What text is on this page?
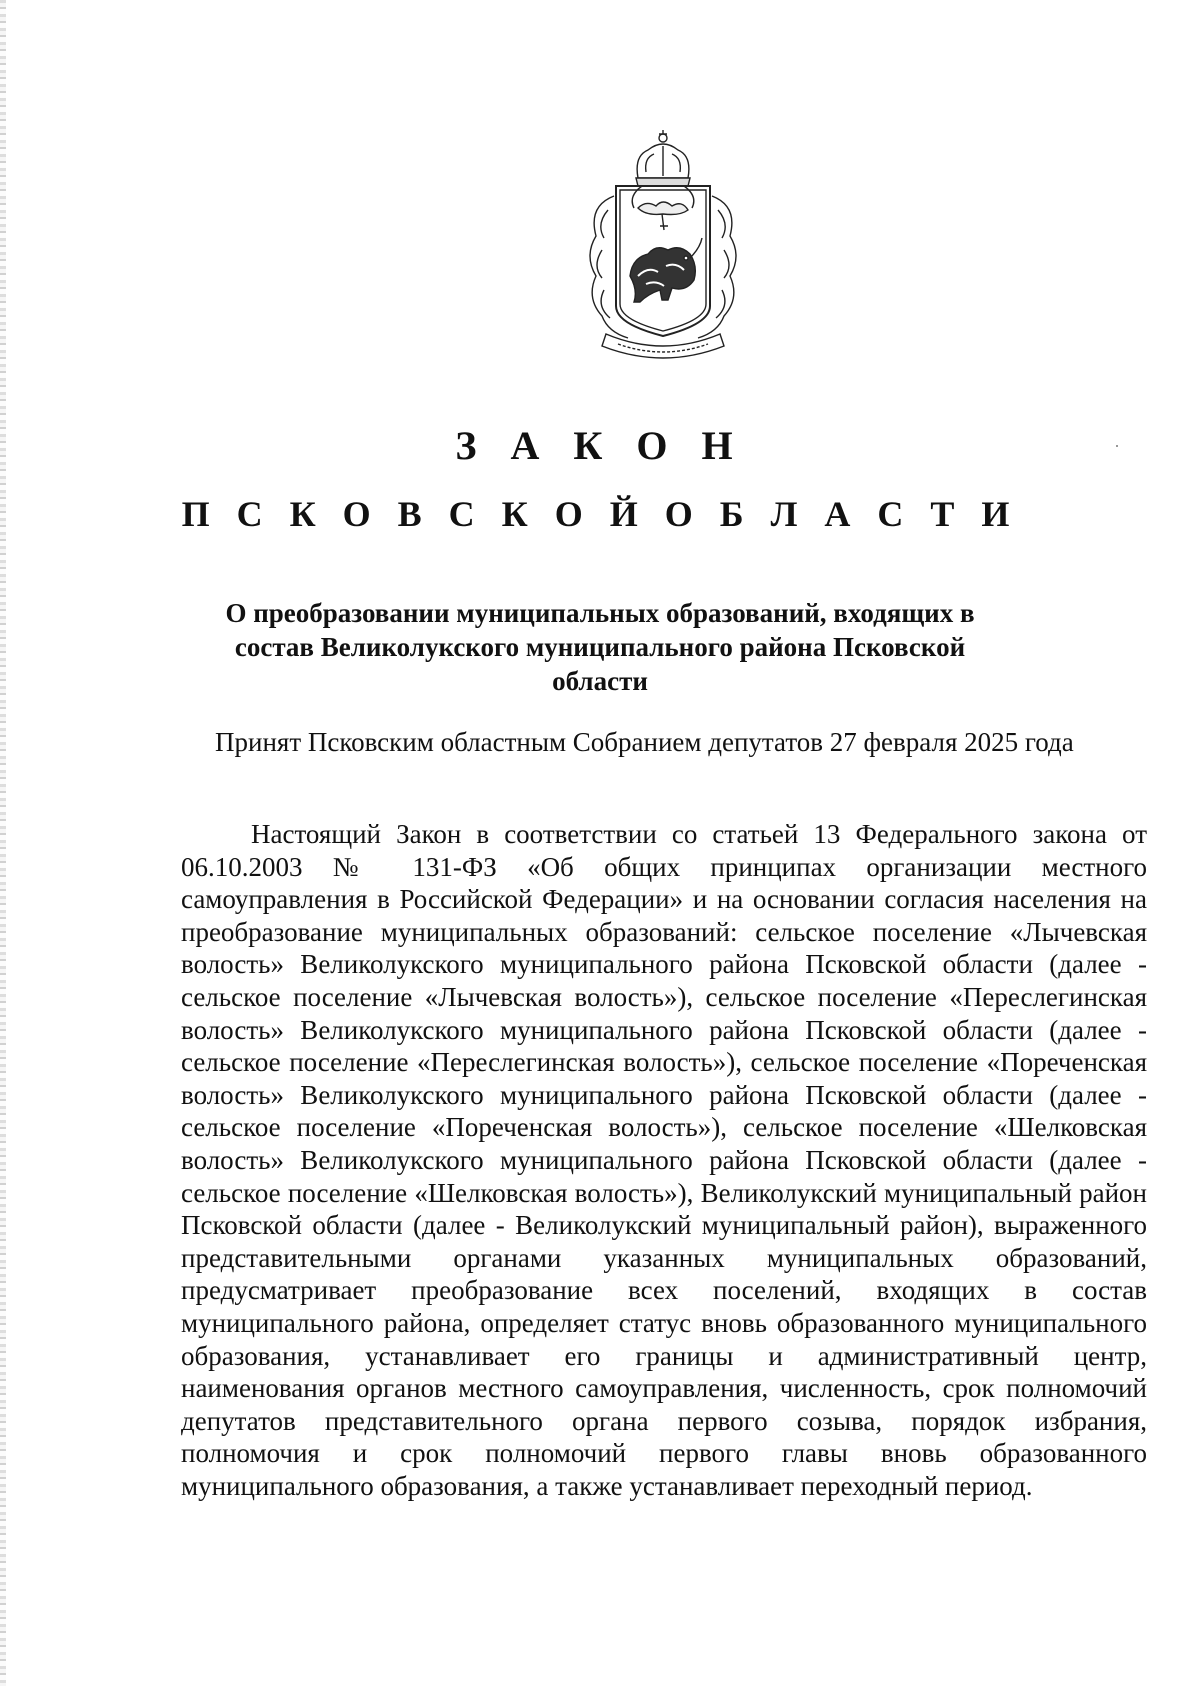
З А К О Н
П С К О В С К О Й О Б Л А С Т И

О преобразовании муниципальных образований, входящих в состав Великолукского муниципального района Псковской области

Принят Псковским областным Собранием депутатов 27 февраля 2025 года

Настоящий Закон в соответствии со статьей 13 Федерального закона от 06.10.2003 № 131-ФЗ «Об общих принципах организации местного самоуправления в Российской Федерации» и на основании согласия населения на преобразование муниципальных образований: сельское поселение «Лычевская волость» Великолукского муниципального района Псковской области (далее - сельское поселение «Лычевская волость»), сельское поселение «Переслегинская волость» Великолукского муниципального района Псковской области (далее - сельское поселение «Переслегинская волость»), сельское поселение «Пореченская волость» Великолукского муниципального района Псковской области (далее - сельское поселение «Пореченская волость»), сельское поселение «Шелковская волость» Великолукского муниципального района Псковской области (далее - сельское поселение «Шелковская волость»), Великолукский муниципальный район Псковской области (далее - Великолукский муниципальный район), выраженного представительными органами указанных муниципальных образований, предусматривает преобразование всех поселений, входящих в состав муниципального района, определяет статус вновь образованного муниципального образования, устанавливает его границы и административный центр, наименования органов местного самоуправления, численность, срок полномочий депутатов представительного органа первого созыва, порядок избрания, полномочия и срок полномочий первого главы вновь образованного муниципального образования, а также устанавливает переходный период.
